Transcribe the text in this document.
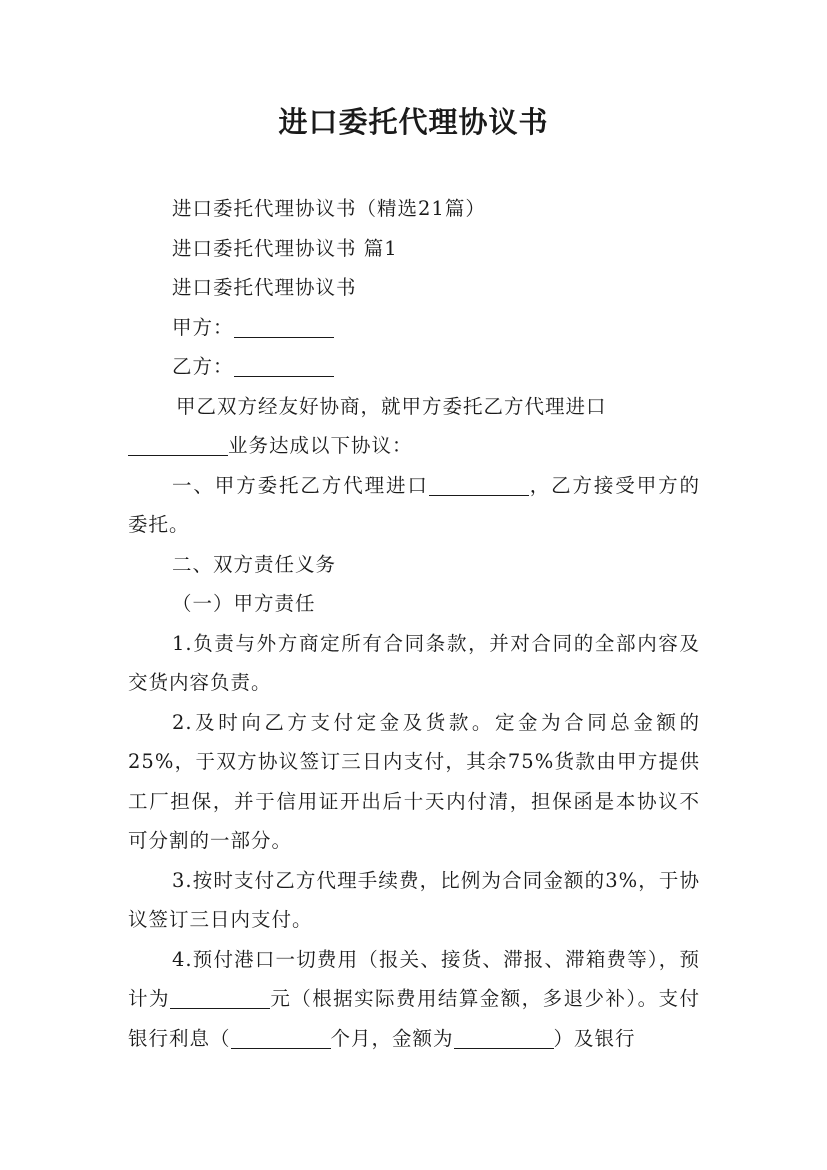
进口委托代理协议书

进口委托代理协议书（精选21篇）

进口委托代理协议书 篇1

进口委托代理协议书

甲方：

乙方：

甲乙双方经友好协商，就甲方委托乙方代理进口

业务达成以下协议：

一、甲方委托乙方代理进口	，乙方接受甲方的委托。

二、双方责任义务

（一）甲方责任

1.负责与外方商定所有合同条款，并对合同的全部内容及交货内容负责。

2.及时向乙方支付定金及货款。定金为合同总金额的25%，于双方协议签订三日内支付，其余75%货款由甲方提供工厂担保，并于信用证开出后十天内付清，担保函是本协议不可分割的一部分。

3.按时支付乙方代理手续费，比例为合同金额的3%，于协议签订三日内支付。

4.预付港口一切费用（报关、接货、滞报、滞箱费等），预计为	元（根据实际费用结算金额，多退少补）。支付银行利息（	个月，金额为	）及银行
